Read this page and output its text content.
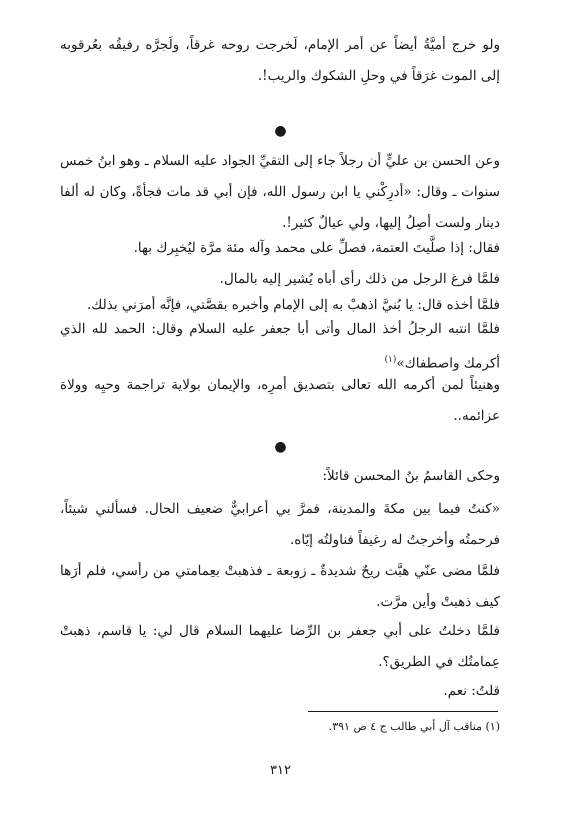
ولو خرج أميَّةُ أيضاً عن أمر الإمام، لَخرجت روحه غرقاً، ولَجرَّه رفيقُه بعُرقوبه إلى الموت غرَقاً في وحلِ الشكوك والريب!.

●

وعن الحسن بن عليٍّ أن رجلاً جاء إلى التقيِّ الجواد عليه السلام ـ وهو ابنُ خمس سنوات ـ وقال: «أدرِكْني يا ابن رسول الله، فإن أبي قد مات فجأةً، وكان له ألفا دينار ولست أصِلُ إليها، ولي عيالٌ كثير!.

فقال: إذا صلَّيتَ العتمة، فصلِّ على محمد وآله مئة مرَّة ليُخبِرك بها.

فلمَّا فرغ الرجل من ذلك رأى أباه يُشير إليه بالمال.

فلمَّا أخذه قال: يا بُنيَّ اذهبْ به إلى الإمام وأخبره بقصَّتي، فإنَّه أمرَني بذلك.

فلمَّا انتبه الرجلُ أخذ المال وأتى أبا جعفر عليه السلام وقال: الحمد لله الذي أكرمك واصطفاك»$^{(١)}$

وهنيئاً لمن أكرمه الله تعالى بتصديق أمرِه، والإيمان بولاية تراجمة وحيِه وولاة عزائمه..

●

وحكى القاسمُ بنُ المحسن قائلاً:

«كنتُ فيما بين مكةَ والمدينة، فمرَّ بي أعرابيٌّ ضعيف الحال. فسألني شيئاً، فرحمتُه وأخرجتُ له رغيفاً فناولتُه إيّاه.

فلمَّا مضى عنّي هبَّت ريحٌ شديدةٌ ـ زوبعة ـ فذهبتْ بعِمامتي من رأسي، فلم أرَها كيف ذهبتْ وأين مرَّت.

فلمَّا دخلتُ على أبي جعفر بن الرِّضا عليهما السلام قال لي: يا قاسم، ذهبتْ عِمامتُك في الطريق؟.

قلتُ: نعم.

(١) مناقب آل أبي طالب ج ٤ ص ٣٩١.
٣١٢
